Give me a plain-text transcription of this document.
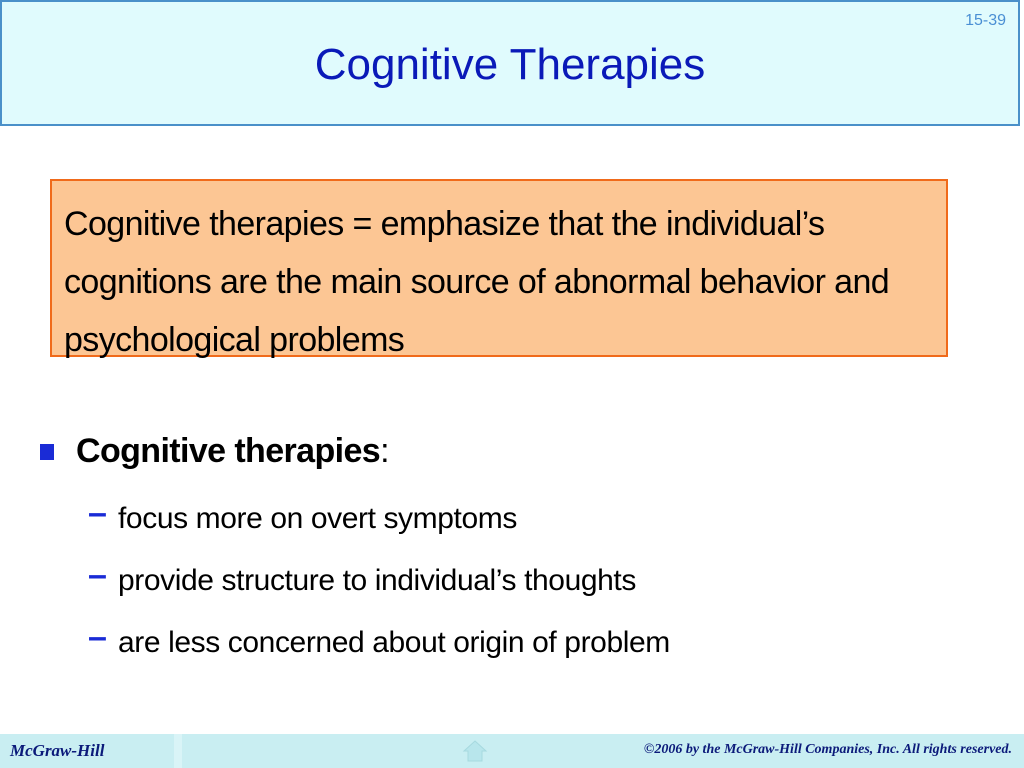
15-39
Cognitive Therapies
Cognitive therapies = emphasize that the individual’s cognitions are the main source of abnormal behavior and psychological problems
Cognitive therapies:
– focus more on overt symptoms
– provide structure to individual’s thoughts
– are less concerned about origin of problem
McGraw-Hill	©2006 by the McGraw-Hill Companies, Inc. All rights reserved.
